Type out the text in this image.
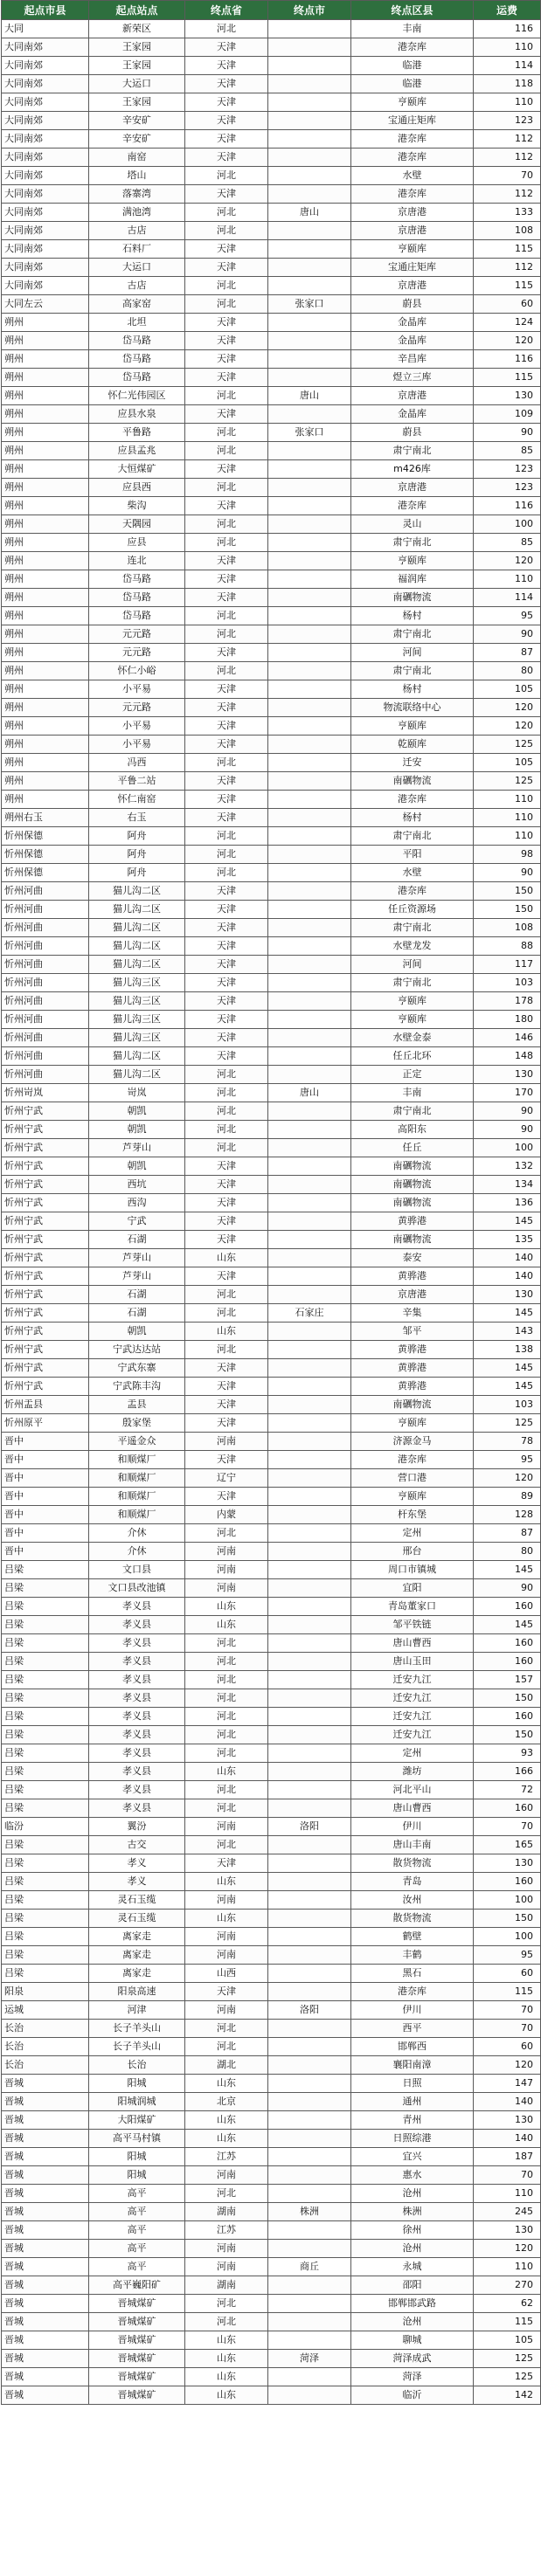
起点市县	起点站点	终点省	终点市	终点区县	运费
大同	新荣区	河北		丰南	116
大同南郊	王家园	天津		港奈库	110
大同南郊	王家园	天津		临港	114
大同南郊	大运口	天津		临港	118
大同南郊	王家园	天津		亨颐库	110
大同南郊	辛安矿	天津		宝通庄矩库	123
大同南郊	辛安矿	天津		港奈库	112
大同南郊	南窑	天津		港奈库	112
大同南郊	塔山	河北		水壁	70
大同南郊	落寨湾	天津		港奈库	112
大同南郊	满池湾	河北	唐山	京唐港	133
大同南郊	古店	河北		京唐港	108
大同南郊	石料厂	天津		亨颐库	115
大同南郊	大运口	天津		宝通庄矩库	112
大同南郊	古店	河北		京唐港	115
大同左云	高家窑	河北	张家口	蔚县	60
朔州	北坦	天津		金晶库	124
朔州	岱马路	天津		金晶库	120
朔州	岱马路	天津		辛昌库	116
朔州	岱马路	天津		煜立三库	115
朔州	怀仁光伟园区	河北	唐山	京唐港	130
朔州	应县水泉	天津		金晶库	109
朔州	平鲁路	河北	张家口	蔚县	90
朔州	应县孟兆	河北		肃宁南北	85
朔州	大恒煤矿	天津		m426库	123
朔州	应县西	河北		京唐港	123
朔州	柴沟	天津		港奈库	116
朔州	天隅园	河北		灵山	100
朔州	应县	河北		肃宁南北	85
朔州	连北	天津		亨颐库	120
朔州	岱马路	天津		福润库	110
朔州	岱马路	天津		南礪物流	114
朔州	岱马路	河北		杨村	95
朔州	元元路	河北		肃宁南北	90
朔州	元元路	天津		河间	87
朔州	怀仁小峪	河北		肃宁南北	80
朔州	小平易	天津		杨村	105
朔州	元元路	天津		物流联络中心	120
朔州	小平易	天津		亨颐库	120
朔州	小平易	天津		乾颐库	125
朔州	冯西	河北		迁安	105
朔州	平鲁二站	天津		南礪物流	125
朔州	怀仁南窑	天津		港奈库	110
朔州右玉	右玉	天津		杨村	110
忻州保德	阿舟	河北		肃宁南北	110
忻州保德	阿舟	河北		平阳	98
忻州保德	阿舟	河北		水壁	90
忻州河曲	猫儿沟二区	天津		港奈库	150
忻州河曲	猫儿沟二区	天津		任丘资源场	150
忻州河曲	猫儿沟二区	天津		肃宁南北	108
忻州河曲	猫儿沟二区	天津		水壁龙发	88
忻州河曲	猫儿沟二区	天津		河间	117
忻州河曲	猫儿沟三区	天津		肃宁南北	103
忻州河曲	猫儿沟三区	天津		亨颐库	178
忻州河曲	猫儿沟三区	天津		亨颐库	180
忻州河曲	猫儿沟三区	天津		水壁金泰	146
忻州河曲	猫儿沟二区	天津		任丘北环	148
忻州河曲	猫儿沟二区	河北		正定	130
忻州岢岚	岢岚	河北	唐山	丰南	170
忻州宁武	朝凯	河北		肃宁南北	90
忻州宁武	朝凯	河北		高阳东	90
忻州宁武	芦芽山	河北		任丘	100
忻州宁武	朝凯	天津		南礪物流	132
忻州宁武	西坑	天津		南礪物流	134
忻州宁武	西沟	天津		南礪物流	136
忻州宁武	宁武	天津		黄骅港	145
忻州宁武	石湖	天津		南礪物流	135
忻州宁武	芦芽山	山东		泰安	140
忻州宁武	芦芽山	天津		黄骅港	140
忻州宁武	石湖	河北		京唐港	130
忻州宁武	石湖	河北	石家庄	辛集	145
忻州宁武	朝凯	山东		邹平	143
忻州宁武	宁武达达站	河北		黄骅港	138
忻州宁武	宁武东寨	天津		黄骅港	145
忻州宁武	宁武陈丰沟	天津		黄骅港	145
忻州盂县	盂县	天津		南礪物流	103
忻州原平	殷家堡	天津		亨颐库	125
晋中	平遥金众	河南		济源金马	78
晋中	和顺煤厂	天津		港奈库	95
晋中	和顺煤厂	辽宁		营口港	120
晋中	和顺煤厂	天津		亨颐库	89
晋中	和顺煤厂	内蒙		杆东堡	128
晋中	介休	河北		定州	87
晋中	介休	河南		邢台	80
吕梁	文口县	河南		周口市镇城	145
吕梁	文口县改池镇	河南		宜阳	90
吕梁	孝义县	山东		青岛董家口	160
吕梁	孝义县	山东		邹平铁链	145
吕梁	孝义县	河北		唐山曹西	160
吕梁	孝义县	河北		唐山玉田	160
吕梁	孝义县	河北		迁安九江	157
吕梁	孝义县	河北		迁安九江	150
吕梁	孝义县	河北		迁安九江	160
吕梁	孝义县	河北		迁安九江	150
吕梁	孝义县	河北		定州	93
吕梁	孝义县	山东		潍坊	166
吕梁	孝义县	河北		河北平山	72
吕梁	孝义县	河北		唐山曹西	160
临汾	翼汾	河南	洛阳	伊川	70
吕梁	古交	河北		唐山丰南	165
吕梁	孝义	天津		散货物流	130
吕梁	孝义	山东		青岛	160
吕梁	灵石玉缆	河南		汝州	100
吕梁	灵石玉缆	山东		散货物流	150
吕梁	离家走	河南		鹤壁	100
吕梁	离家走	河南		丰鹤	95
吕梁	离家走	山西		黑石	60
阳泉	阳泉高速	天津		港奈库	115
运城	河津	河南	洛阳	伊川	70
长治	长子羊头山	河北		西平	70
长治	长子羊头山	河北		邯郸西	60
长治	长治	湖北		襄阳南漳	120
晋城	阳城	山东		日照	147
晋城	阳城润城	北京		通州	140
晋城	大阳煤矿	山东		青州	130
晋城	高平马村镇	山东		日照综港	140
晋城	阳城	江苏		宜兴	187
晋城	阳城	河南		惠水	70
晋城	高平	河北		沧州	110
晋城	高平	湖南	株洲	株洲	245
晋城	高平	江苏		徐州	130
晋城	高平	河南		沧州	120
晋城	高平	河南	商丘	永城	110
晋城	高平巍阳矿	湖南		邵阳	270
晋城	晋城煤矿	河北		邯郸邯武路	62
晋城	晋城煤矿	河北		沧州	115
晋城	晋城煤矿	山东		聊城	105
晋城	晋城煤矿	山东	菏泽	菏泽成武	125
晋城	晋城煤矿	山东		菏泽	125
晋城	晋城煤矿	山东		临沂	142
